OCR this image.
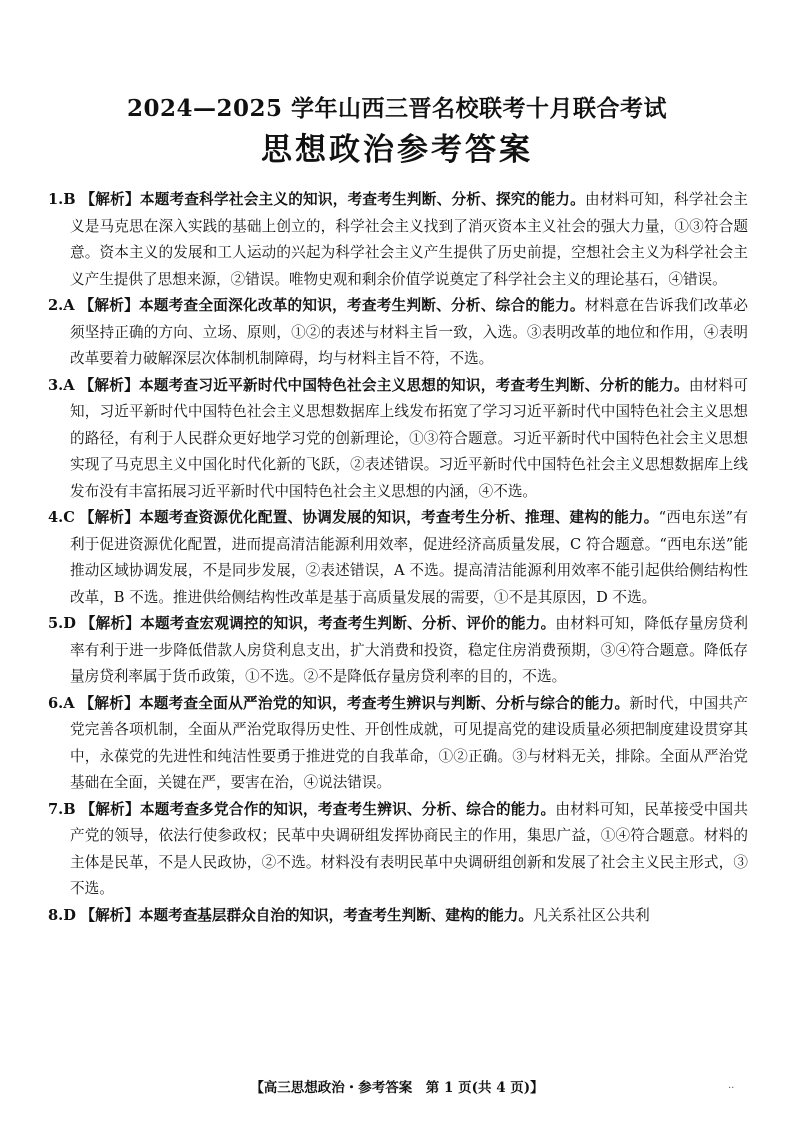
2024—2025 学年山西三晋名校联考十月联合考试
思想政治参考答案

1.B 【解析】本题考查科学社会主义的知识，考查考生判断、分析、探究的能力。由材料可知，科学社会主义是马克思在深入实践的基础上创立的，科学社会主义找到了消灭资本主义社会的强大力量，①③符合题意。资本主义的发展和工人运动的兴起为科学社会主义产生提供了历史前提，空想社会主义为科学社会主义产生提供了思想来源，②错误。唯物史观和剩余价值学说奠定了科学社会主义的理论基石，④错误。

2.A 【解析】本题考查全面深化改革的知识，考查考生判断、分析、综合的能力。材料意在告诉我们改革必须坚持正确的方向、立场、原则，①②的表述与材料主旨一致，入选。③表明改革的地位和作用，④表明改革要着力破解深层次体制机制障碍，均与材料主旨不符，不选。

3.A 【解析】本题考查习近平新时代中国特色社会主义思想的知识，考查考生判断、分析的能力。由材料可知，习近平新时代中国特色社会主义思想数据库上线发布拓宽了学习习近平新时代中国特色社会主义思想的路径，有利于人民群众更好地学习党的创新理论，①③符合题意。习近平新时代中国特色社会主义思想实现了马克思主义中国化时代化新的飞跃，②表述错误。习近平新时代中国特色社会主义思想数据库上线发布没有丰富拓展习近平新时代中国特色社会主义思想的内涵，④不选。

4.C 【解析】本题考查资源优化配置、协调发展的知识，考查考生分析、推理、建构的能力。“西电东送”有利于促进资源优化配置，进而提高清洁能源利用效率，促进经济高质量发展，C 符合题意。“西电东送”能推动区域协调发展，不是同步发展，②表述错误，A 不选。提高清洁能源利用效率不能引起供给侧结构性改革，B 不选。推进供给侧结构性改革是基于高质量发展的需要，①不是其原因，D 不选。

5.D 【解析】本题考查宏观调控的知识，考查考生判断、分析、评价的能力。由材料可知，降低存量房贷利率有利于进一步降低借款人房贷利息支出，扩大消费和投资，稳定住房消费预期，③④符合题意。降低存量房贷利率属于货币政策，①不选。②不是降低存量房贷利率的目的，不选。

6.A 【解析】本题考查全面从严治党的知识，考查考生辨识与判断、分析与综合的能力。新时代，中国共产党完善各项机制，全面从严治党取得历史性、开创性成就，可见提高党的建设质量必须把制度建设贯穿其中，永葆党的先进性和纯洁性要勇于推进党的自我革命，①②正确。③与材料无关，排除。全面从严治党基础在全面，关键在严，要害在治，④说法错误。

7.B 【解析】本题考查多党合作的知识，考查考生辨识、分析、综合的能力。由材料可知，民革接受中国共产党的领导，依法行使参政权；民革中央调研组发挥协商民主的作用，集思广益，①④符合题意。材料的主体是民革，不是人民政协，②不选。材料没有表明民革中央调研组创新和发展了社会主义民主形式，③不选。

8.D 【解析】本题考查基层群众自治的知识，考查考生判断、建构的能力。凡关系社区公共利

【高三思想政治・参考答案　第 1 页(共 4 页)】	..
